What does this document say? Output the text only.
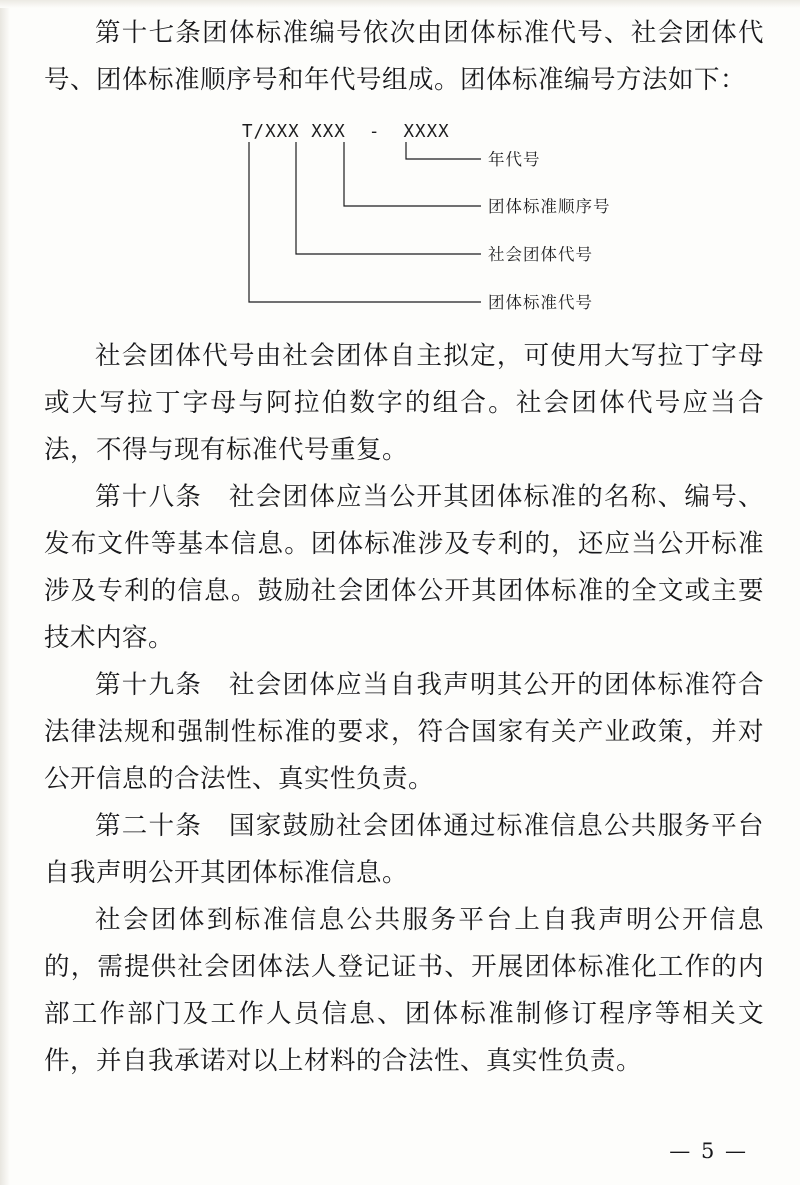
第十七条团体标准编号依次由团体标准代号、社会团体代号、团体标准顺序号和年代号组成。团体标准编号方法如下：

T/XXX XXX  -  XXXX
年代号
团体标准顺序号
社会团体代号
团体标准代号

社会团体代号由社会团体自主拟定，可使用大写拉丁字母或大写拉丁字母与阿拉伯数字的组合。社会团体代号应当合法，不得与现有标准代号重复。

第十八条　社会团体应当公开其团体标准的名称、编号、发布文件等基本信息。团体标准涉及专利的，还应当公开标准涉及专利的信息。鼓励社会团体公开其团体标准的全文或主要技术内容。

第十九条　社会团体应当自我声明其公开的团体标准符合法律法规和强制性标准的要求，符合国家有关产业政策，并对公开信息的合法性、真实性负责。

第二十条　国家鼓励社会团体通过标准信息公共服务平台自我声明公开其团体标准信息。

社会团体到标准信息公共服务平台上自我声明公开信息的，需提供社会团体法人登记证书、开展团体标准化工作的内部工作部门及工作人员信息、团体标准制修订程序等相关文件，并自我承诺对以上材料的合法性、真实性负责。

— 5 —
